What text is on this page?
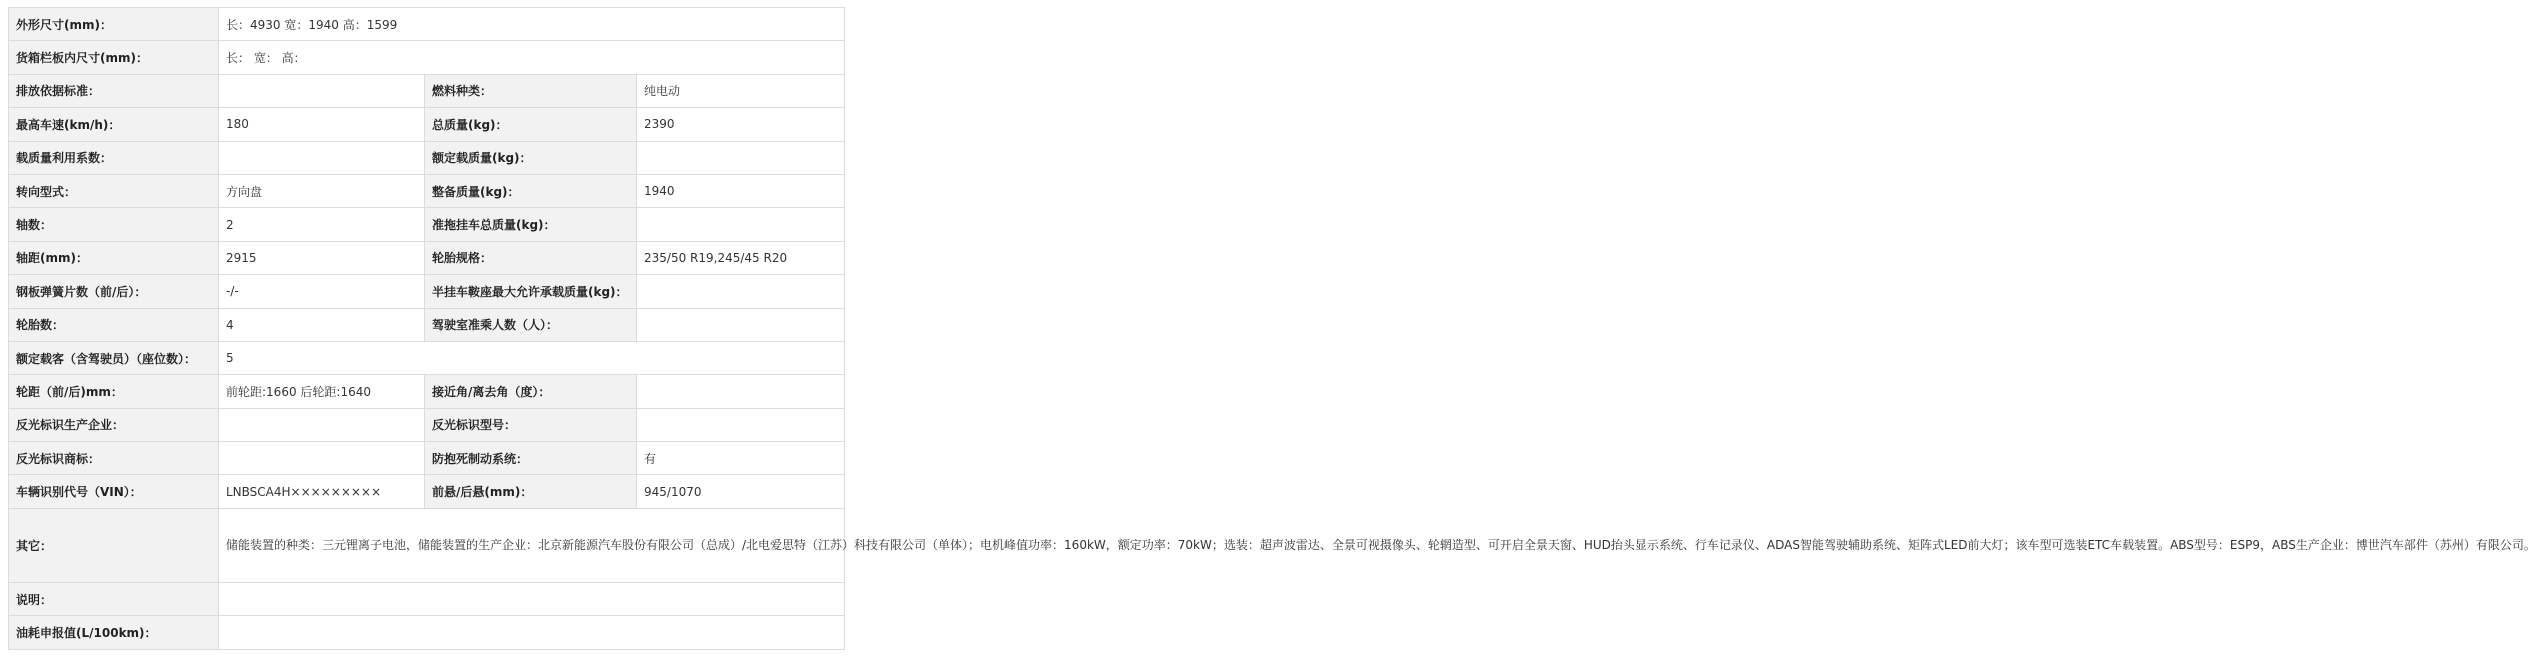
外形尺寸(mm)：	长：4930 宽：1940 高：1599		
货箱栏板内尺寸(mm)：	长： 宽： 高：		
排放依据标准：		燃料种类：	纯电动
最高车速(km/h)：	180	总质量(kg)：	2390
载质量利用系数：		额定载质量(kg)：	
转向型式：	方向盘	整备质量(kg)：	1940
轴数：	2	准拖挂车总质量(kg)：	
轴距(mm)：	2915	轮胎规格：	235/50 R19,245/45 R20
钢板弹簧片数（前/后）：	-/-	半挂车鞍座最大允许承载质量(kg)：	
轮胎数：	4	驾驶室准乘人数（人）：	
额定载客（含驾驶员）（座位数）：	5		
轮距（前/后)mm：	前轮距:1660 后轮距:1640	接近角/离去角（度）：	
反光标识生产企业：		反光标识型号：	
反光标识商标：		防抱死制动系统：	有
车辆识别代号（VIN）：	LNBSCA4H×××××××××	前悬/后悬(mm)：	945/1070
其它：	储能装置的种类：三元锂离子电池，储能装置的生产企业：北京新能源汽车股份有限公司（总成）/北电爱思特（江苏）科技有限公司（单体）；电机峰值功率：160kW，额定功率：70kW；选装：超声波雷达、全景可视摄像头、轮辋造型、可开启全景天窗、HUD抬头显示系统、行车记录仪、ADAS智能驾驶辅助系统、矩阵式LED前大灯；该车型可选装ETC车载装置。ABS型号：ESP9，ABS生产企业：博世汽车部件（苏州）有限公司。		
说明：			
油耗申报值(L/100km)：			
